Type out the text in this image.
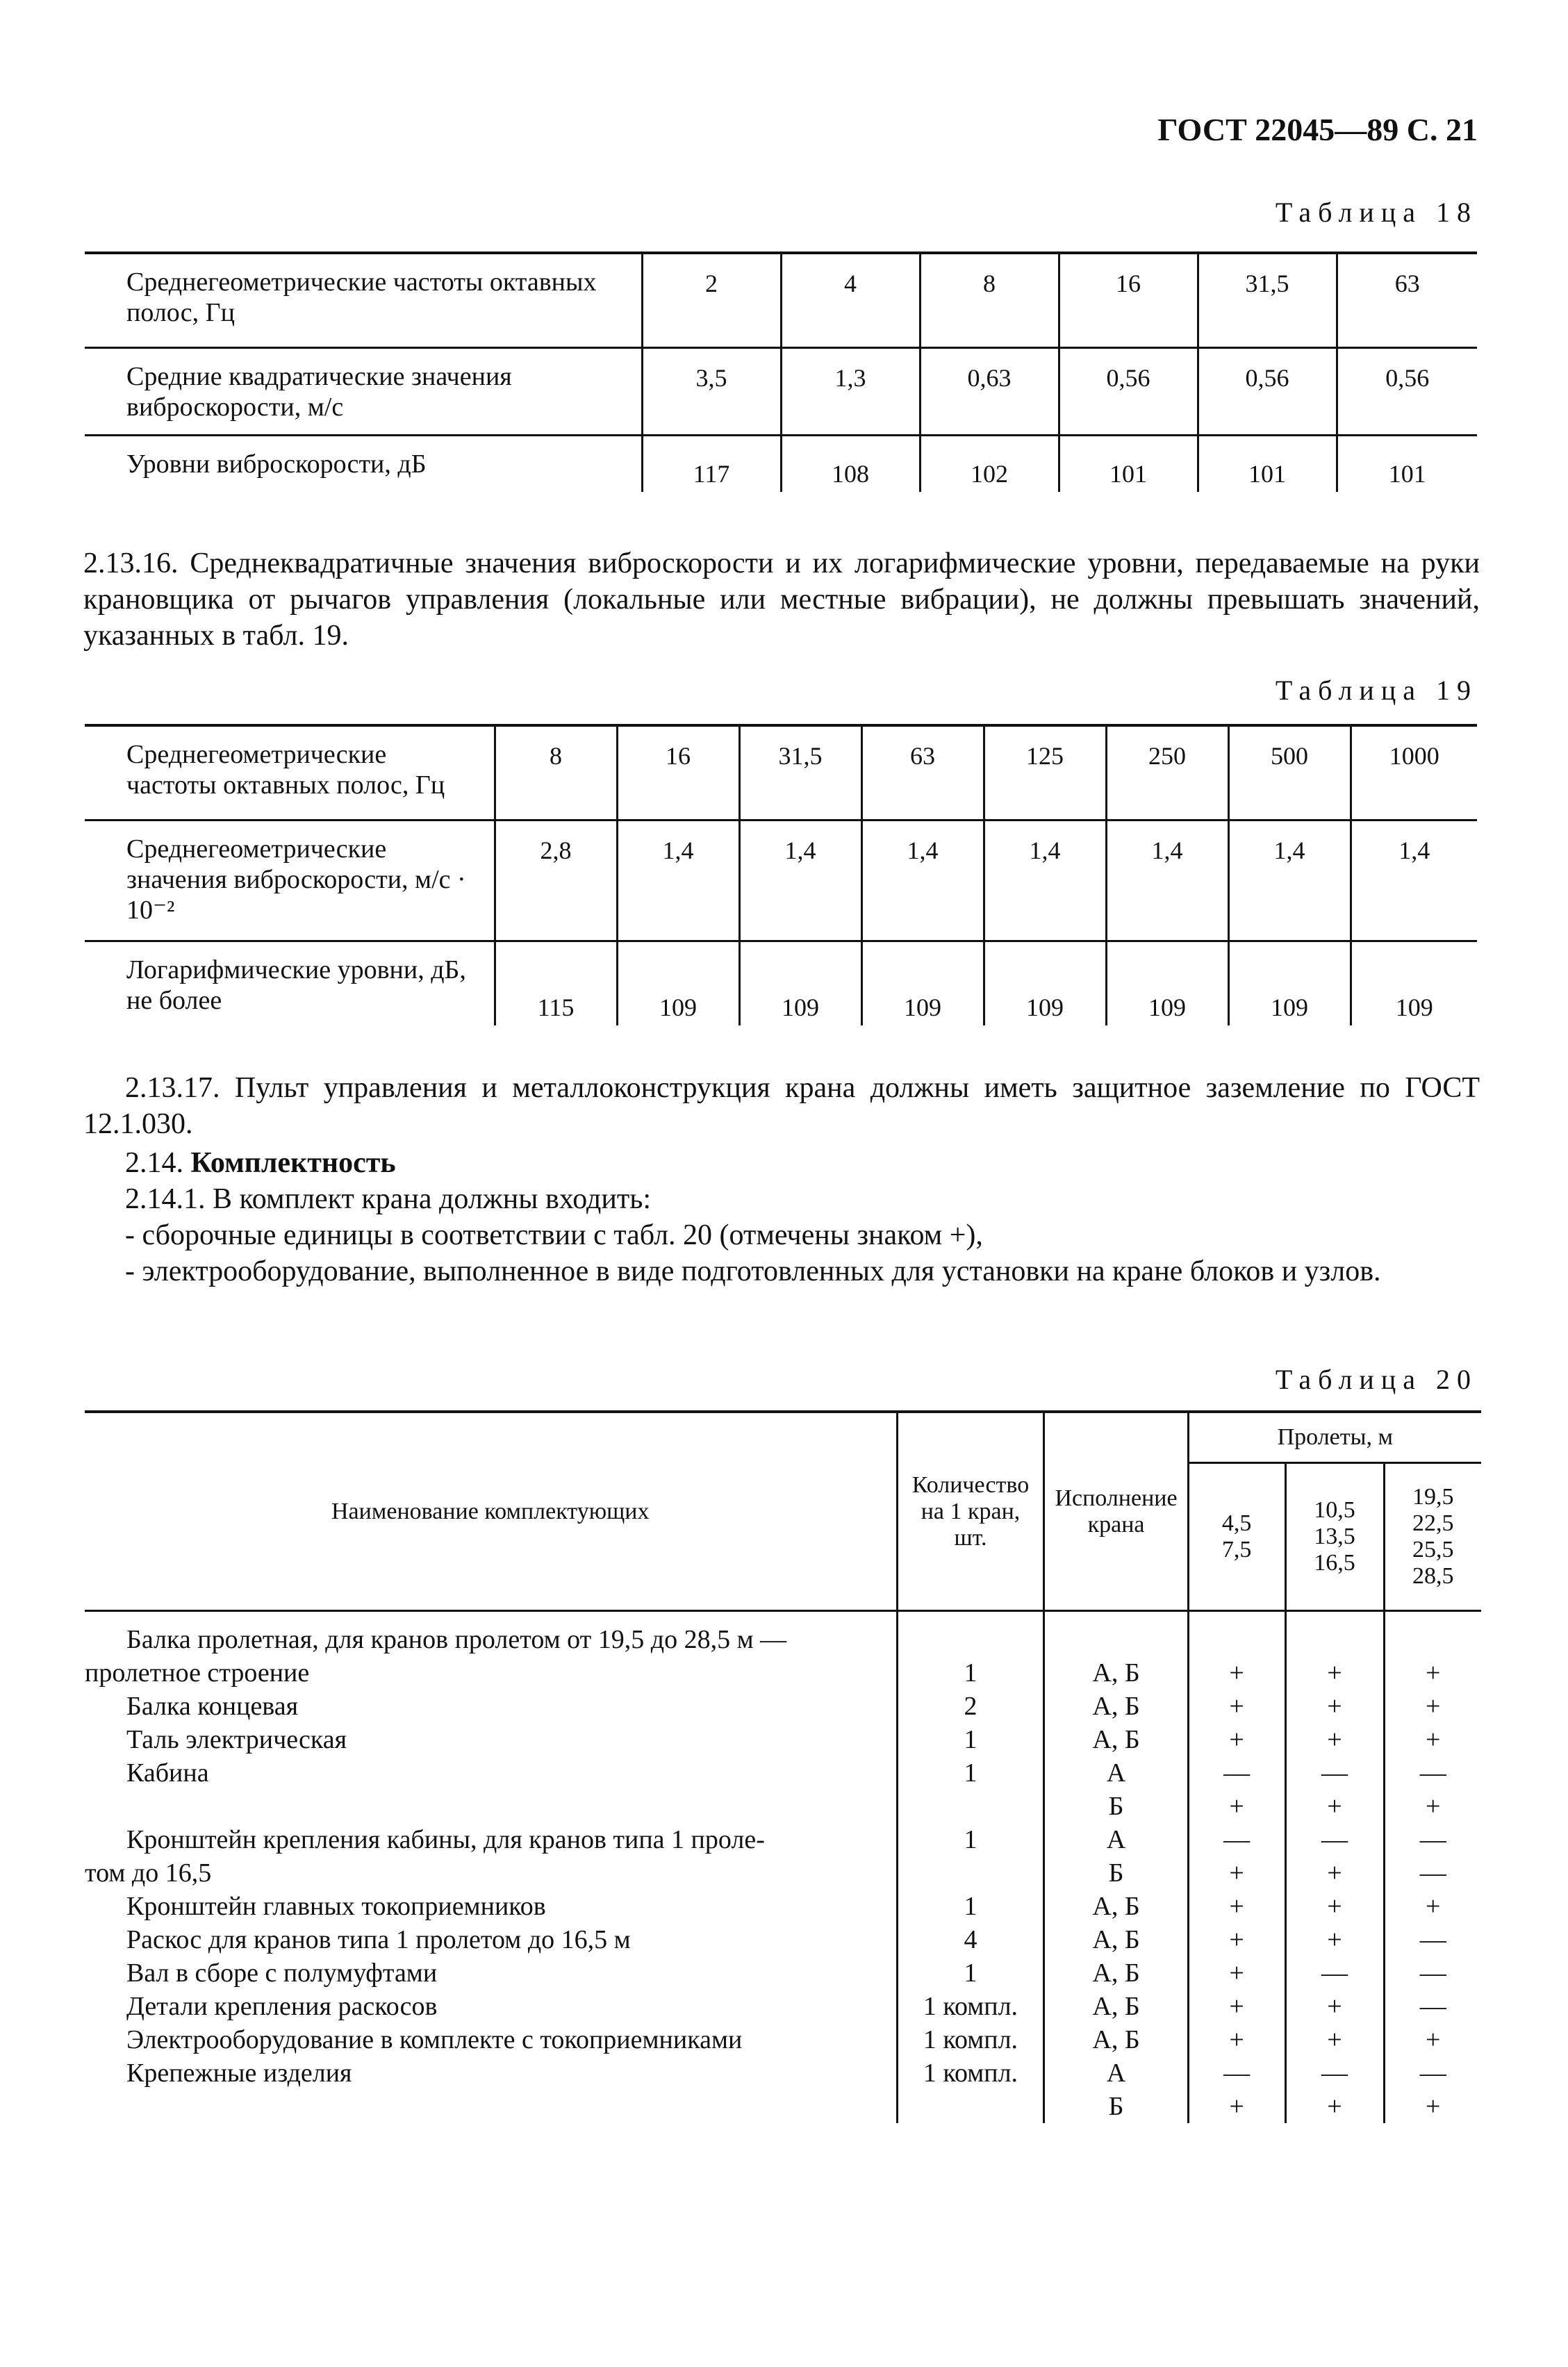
ГОСТ 22045—89 С. 21
Таблица 18
Среднегеометрические частоты октавных полос, Гц	2	4	8	16	31,5	63
Средние квадратические значения виброскорости, м/с	3,5	1,3	0,63	0,56	0,56	0,56
Уровни виброскорости, дБ	117	108	102	101	101	101
2.13.16. Среднеквадратичные значения виброскорости и их логарифмические уровни, передаваемые на руки крановщика от рычагов управления (локальные или местные вибрации), не должны превышать значений, указанных в табл. 19.
Таблица 19
Среднегеометрические частоты октавных полос, Гц	8	16	31,5	63	125	250	500	1000
Среднегеометрические значения виброскорости, м/с · 10⁻²	2,8	1,4	1,4	1,4	1,4	1,4	1,4	1,4
Логарифмические уровни, дБ, не более	115	109	109	109	109	109	109	109
2.13.17. Пульт управления и металлоконструкция крана должны иметь защитное заземление по ГОСТ 12.1.030.
2.14. Комплектность
2.14.1. В комплект крана должны входить:
- сборочные единицы в соответствии с табл. 20 (отмечены знаком +),
- электрооборудование, выполненное в виде подготовленных для установки на кране блоков и узлов.
Таблица 20
Наименование комплектующих	Количество на 1 кран, шт.	Исполнение крана	Пролеты, м		
			4,5 7,5	10,5 13,5 16,5	19,5 22,5 25,5 28,5
Балка пролетная, для кранов пролетом от 19,5 до 28,5 м —					
пролетное строение	1	А, Б	+	+	+
Балка концевая	2	А, Б	+	+	+
Таль электрическая	1	А, Б	+	+	+
Кабина	1	А	—	—	—
		Б	+	+	+
Кронштейн крепления кабины, для кранов типа 1 проле-	1	А	—	—	—
том до 16,5		Б	+	+	—
Кронштейн главных токоприемников	1	А, Б	+	+	+
Раскос для кранов типа 1 пролетом до 16,5 м	4	А, Б	+	+	—
Вал в сборе с полумуфтами	1	А, Б	+	—	—
Детали крепления раскосов	1 компл.	А, Б	+	+	—
Электрооборудование в комплекте с токоприемниками	1 компл.	А, Б	+	+	+
Крепежные изделия	1 компл.	А	—	—	—
		Б	+	+	+
